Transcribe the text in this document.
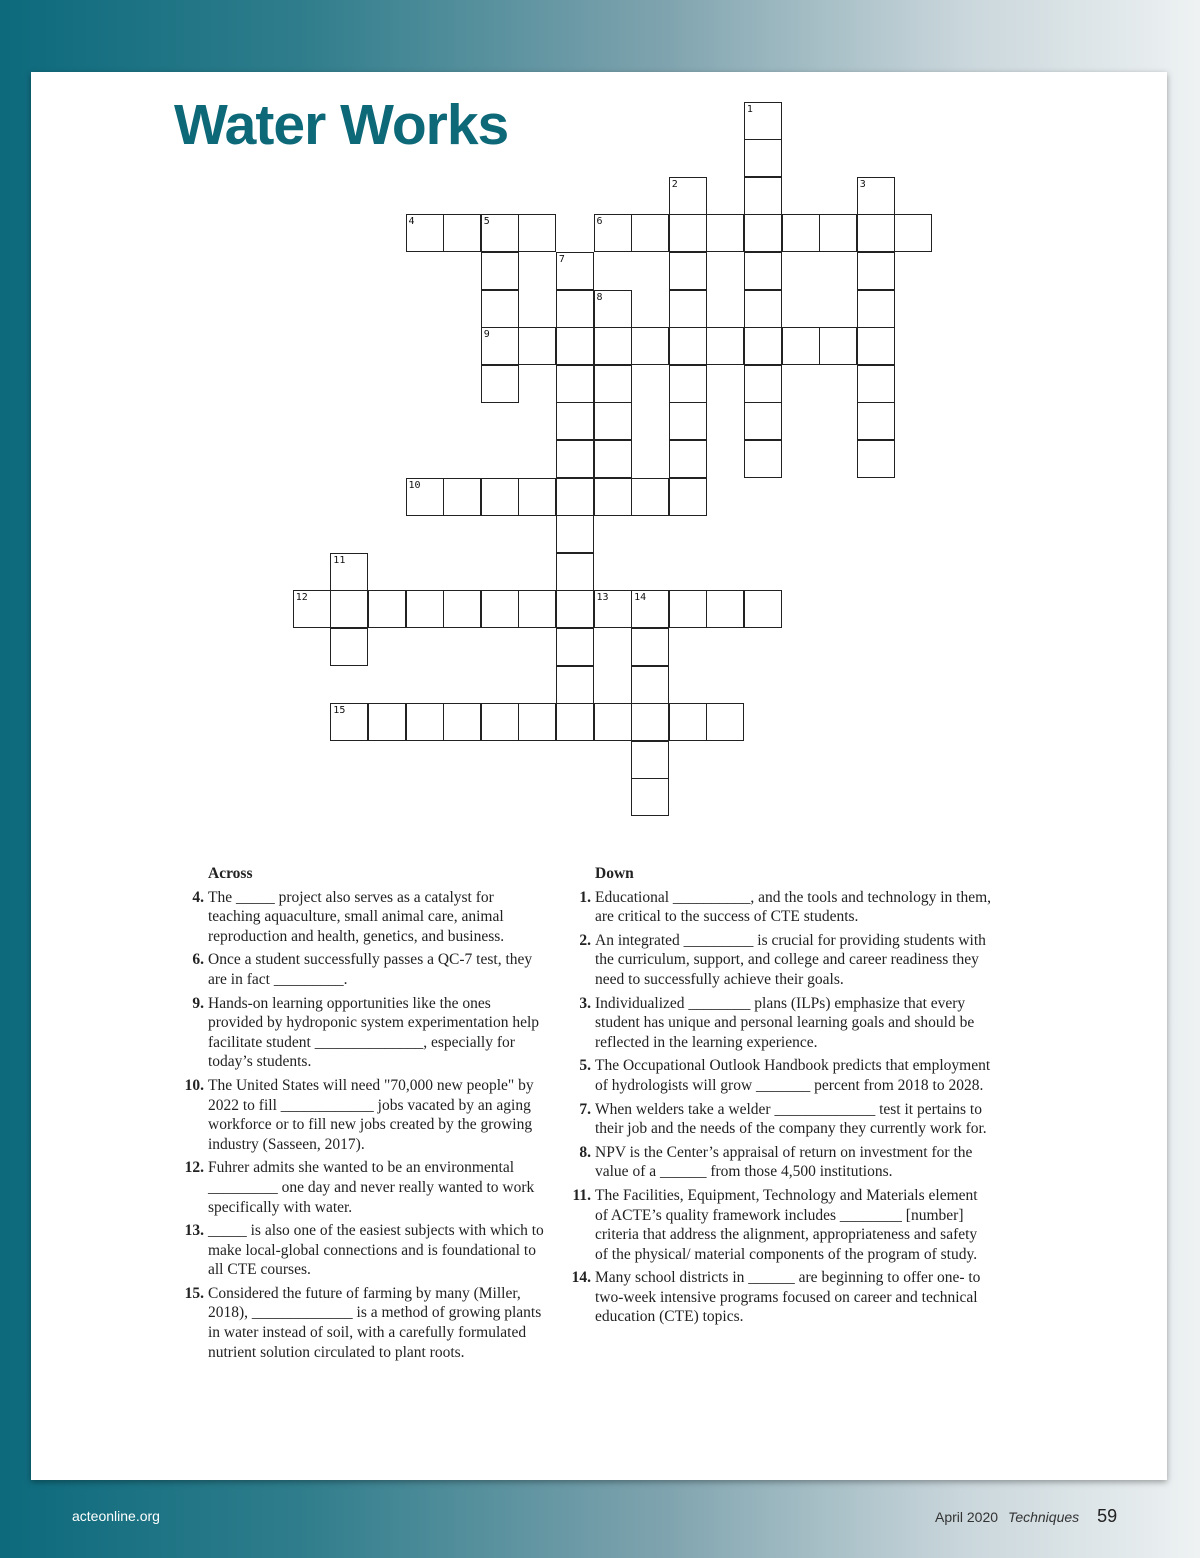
Water Works	1
2	3
4	5
9
6
7
8
10
11
12	13	14
15
Across
4. The _____ project also serves as a catalyst for teaching aquaculture, small animal care, animal reproduction and health, genetics, and business.
6. Once a student successfully passes a QC-7 test, they are in fact _________.
9. Hands-on learning opportunities like the ones provided by hydroponic system experimentation help facilitate student ______________, especially for today’s students.
10. The United States will need "70,000 new people" by 2022 to fill ____________ jobs vacated by an aging workforce or to fill new jobs created by the growing industry (Sasseen, 2017).
12. Fuhrer admits she wanted to be an environmental _________ one day and never really wanted to work specifically with water.
13. _____ is also one of the easiest subjects with which to make local-global connections and is foundational to all CTE courses.
15. Considered the future of farming by many (Miller, 2018), _____________ is a method of growing plants in water instead of soil, with a carefully formulated nutrient solution circulated to plant roots.
Down
1. Educational __________, and the tools and technology in them, are critical to the success of CTE students.
2. An integrated _________ is crucial for providing students with the curriculum, support, and college and career readiness they need to successfully achieve their goals.
3. Individualized ________ plans (ILPs) emphasize that every student has unique and personal learning goals and should be reflected in the learning experience.
5. The Occupational Outlook Handbook predicts that employment of hydrologists will grow _______ percent from 2018 to 2028.
7. When welders take a welder _____________ test it pertains to their job and the needs of the company they currently work for.
8. NPV is the Center’s appraisal of return on investment for the value of a ______ from those 4,500 institutions.
11. The Facilities, Equipment, Technology and Materials element of ACTE’s quality framework includes ________ [number] criteria that address the alignment, appropriateness and safety of the physical/ material components of the program of study.
14. Many school districts in ______ are beginning to offer one- to two-week intensive programs focused on career and technical education (CTE) topics.
acteonline.org	April 2020 Techniques 59
